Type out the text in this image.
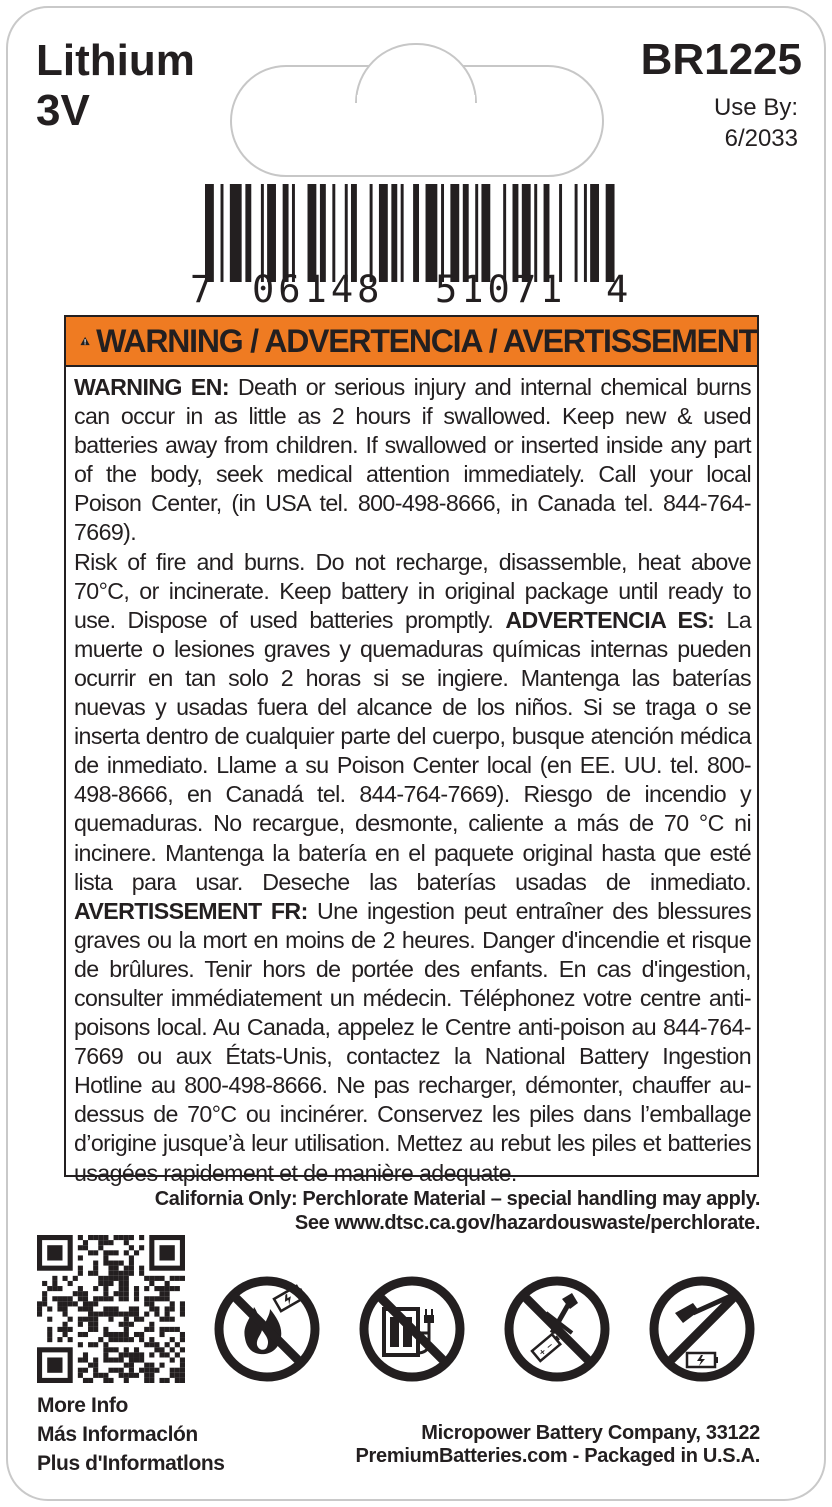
Lithium
3V
BR1225
Use By:
6/2033
7 06148 51071 4
WARNING / ADVERTENCIA / AVERTISSEMENT
WARNING EN: Death or serious injury and internal chemical burns can occur in as little as 2 hours if swallowed. Keep new & used batteries away from children. If swallowed or inserted inside any part of the body, seek medical attention immediately. Call your local Poison Center, (in USA tel. 800-498-8666, in Canada tel. 844-764-7669).
Risk of fire and burns. Do not recharge, disassemble, heat above 70°C, or incinerate. Keep battery in original package until ready to use. Dispose of used batteries promptly. ADVERTENCIA ES: La muerte o lesiones graves y quemaduras químicas internas pueden ocurrir en tan solo 2 horas si se ingiere. Mantenga las baterías nuevas y usadas fuera del alcance de los niños. Si se traga o se inserta dentro de cualquier parte del cuerpo, busque atención médica de inmediato. Llame a su Poison Center local (en EE. UU. tel. 800-498-8666, en Canadá tel. 844-764-7669). Riesgo de incendio y quemaduras. No recargue, desmonte, caliente a más de 70 °C ni incinere. Mantenga la batería en el paquete original hasta que esté lista para usar. Deseche las baterías usadas de inmediato. AVERTISSEMENT FR: Une ingestion peut entraîner des blessures graves ou la mort en moins de 2 heures. Danger d'incendie et risque de brûlures. Tenir hors de portée des enfants. En cas d'ingestion, consulter immédiatement un médecin. Téléphonez votre centre anti-poisons local. Au Canada, appelez le Centre anti-poison au 844-764-7669 ou aux États-Unis, contactez la National Battery Ingestion Hotline au 800-498-8666. Ne pas recharger, démonter, chauffer au-dessus de 70°C ou incinérer. Conservez les piles dans l’emballage d’origine jusque’à leur utilisation. Mettez au rebut les piles et batteries usagées rapidement et de manière adequate.
California Only: Perchlorate Material – special handling may apply.
See www.dtsc.ca.gov/hazardouswaste/perchlorate.
+ −
More Info
Más Informaclón
Plus d'Informatlons
Micropower Battery Company, 33122
PremiumBatteries.com - Packaged in U.S.A.
